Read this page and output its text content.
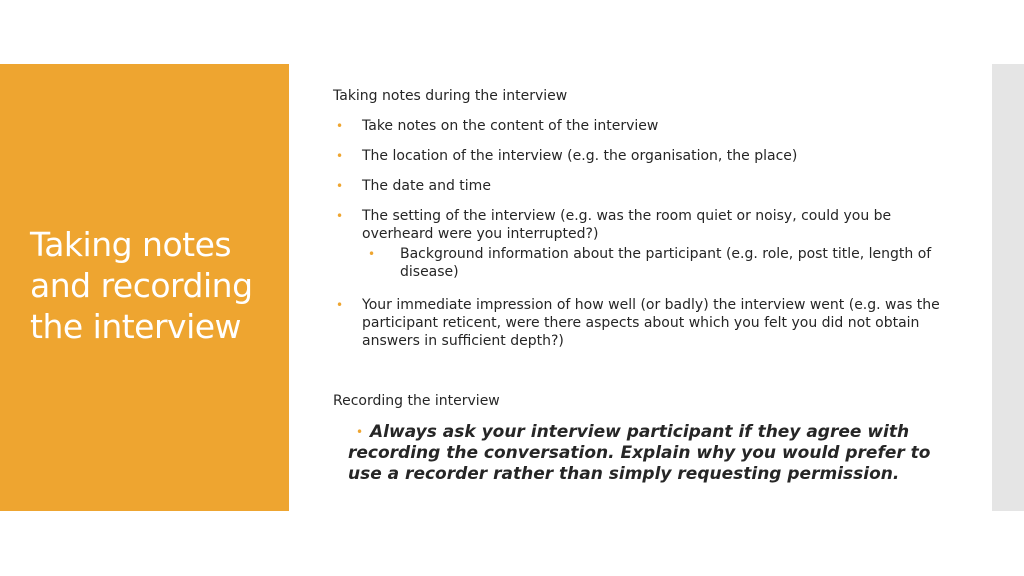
Taking notes
and recording
the interview
Taking notes during the interview
• Take notes on the content of the interview
• The location of the interview (e.g. the organisation, the place)
• The date and time
• The setting of the interview (e.g. was the room quiet or noisy, could you be overheard were you interrupted?)
• Background information about the participant (e.g. role, post title, length of disease)
• Your immediate impression of how well (or badly) the interview went (e.g. was the participant reticent, were there aspects about which you felt you did not obtain answers in sufficient depth?)
Recording the interview
• Always ask your interview participant if they agree with recording the conversation. Explain why you would prefer to use a recorder rather than simply requesting permission.
